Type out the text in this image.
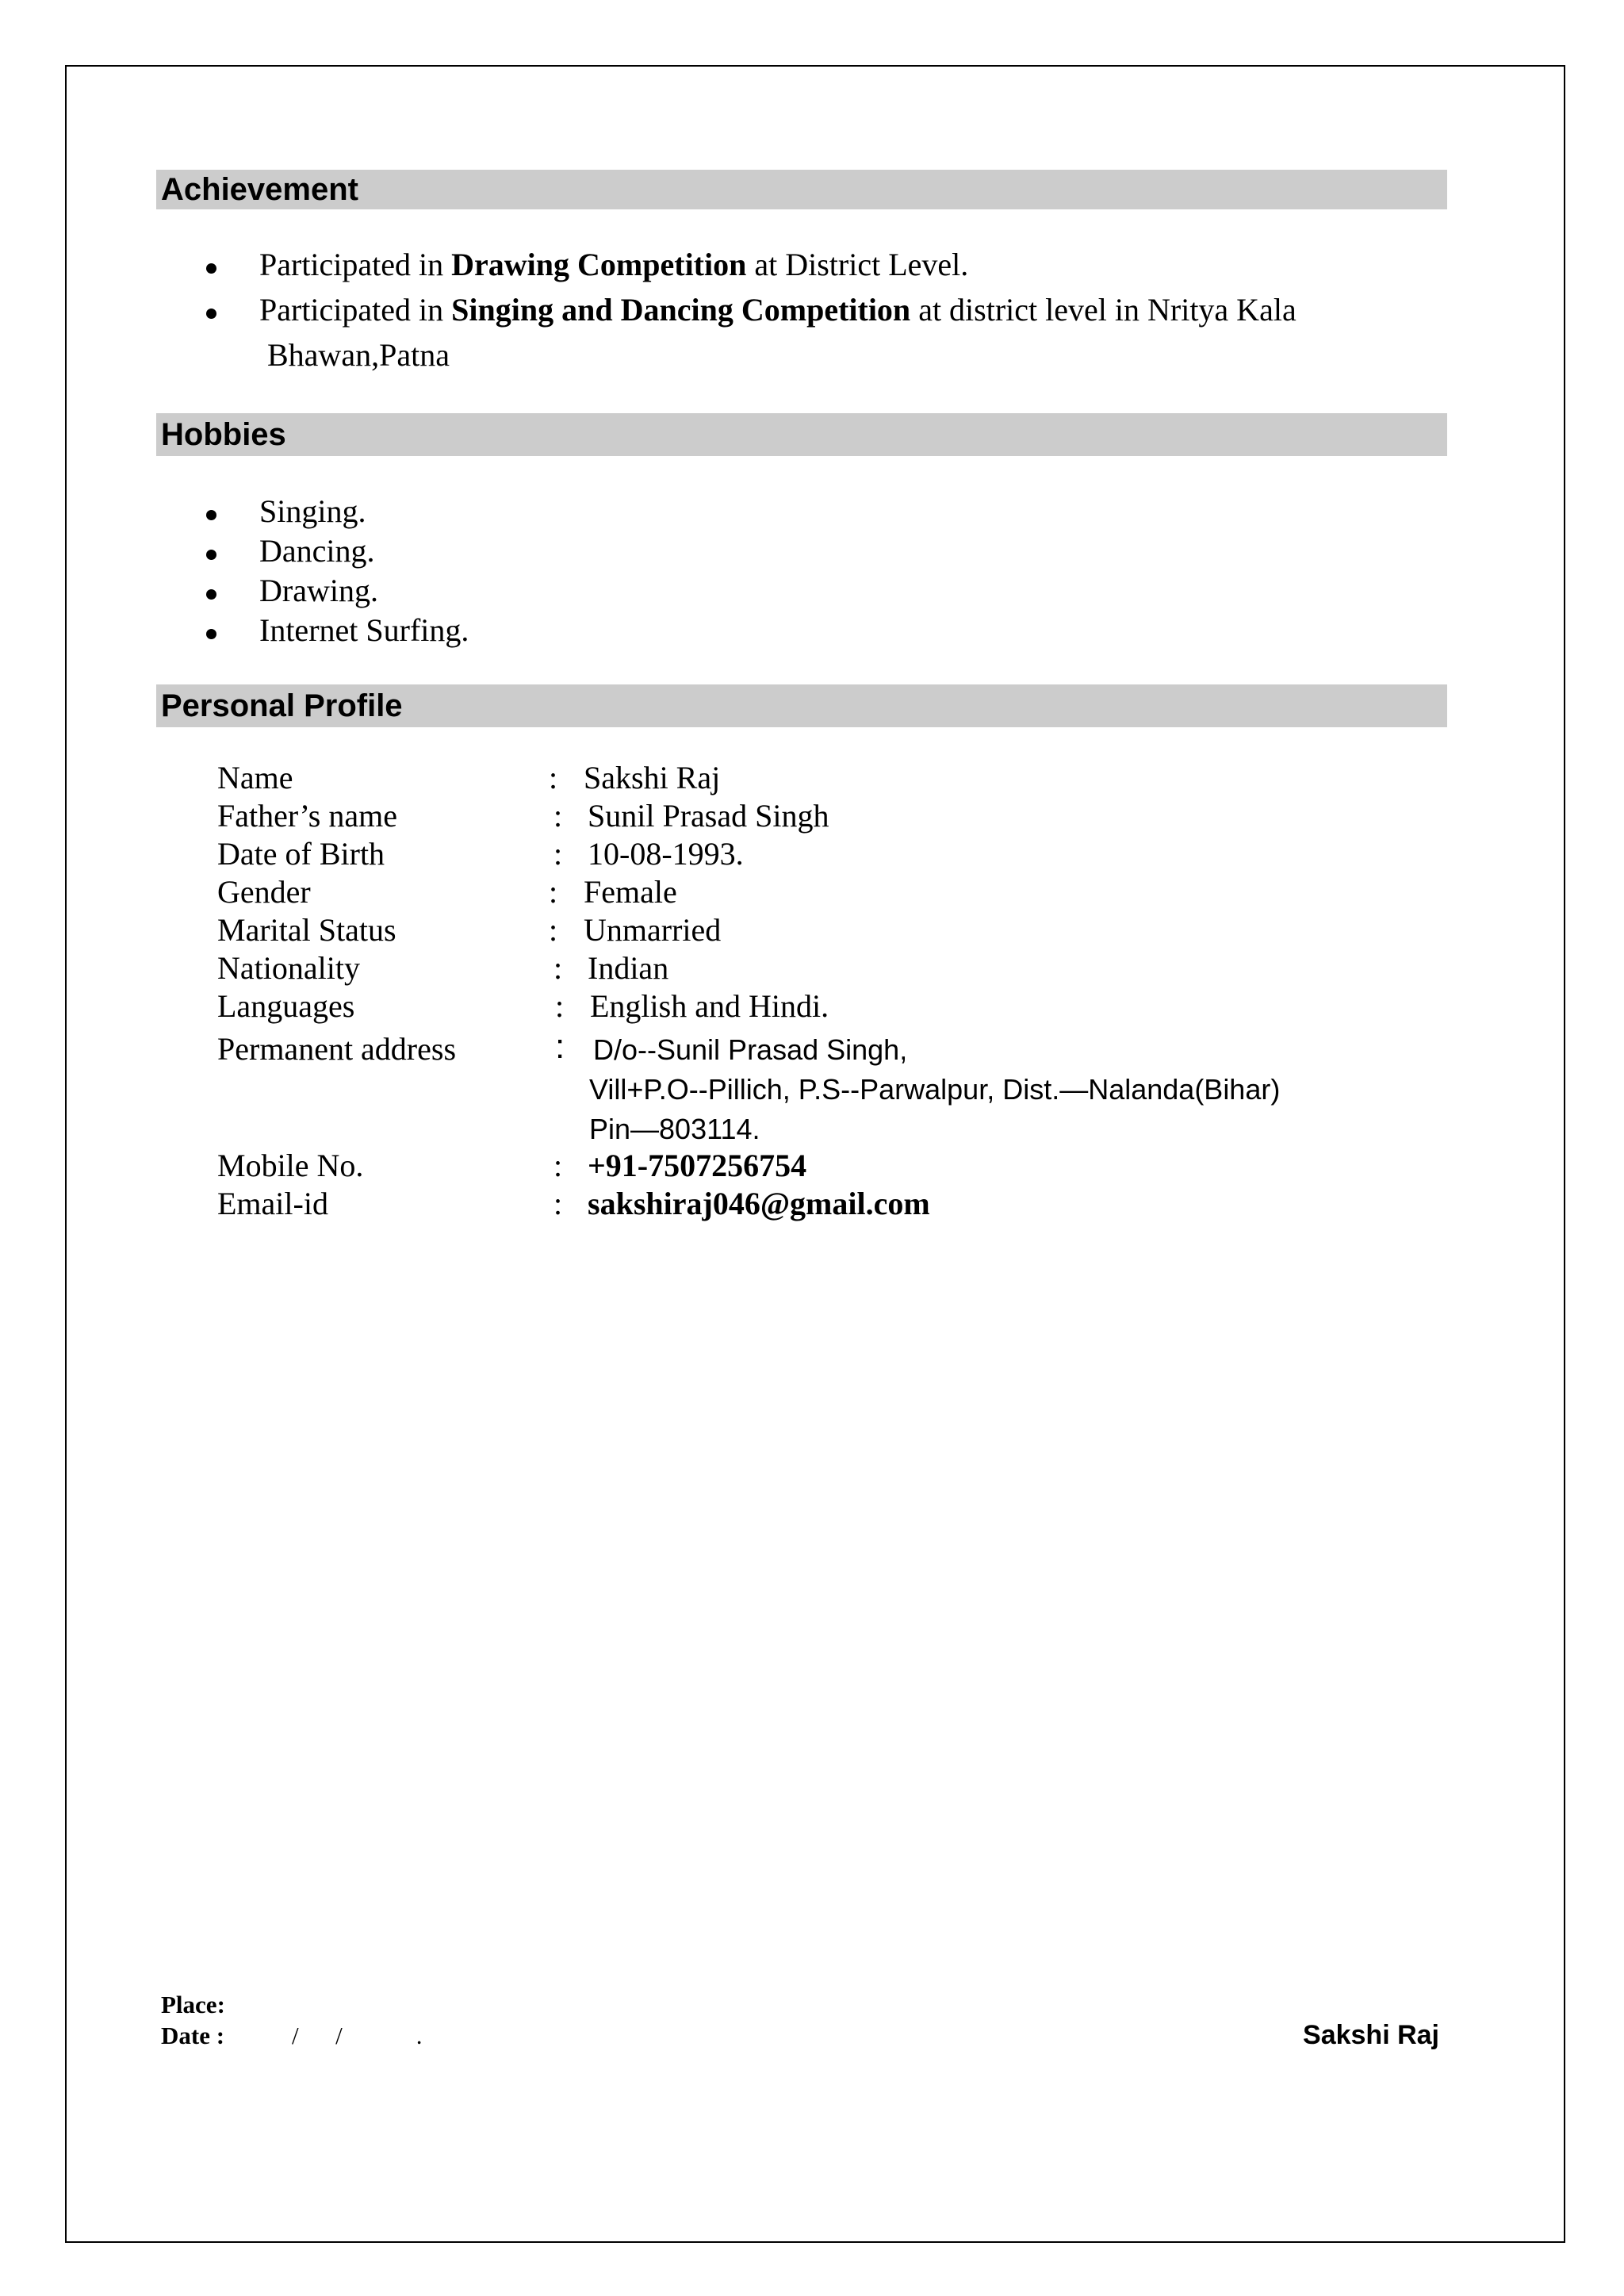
Achievement
Participated in Drawing Competition at District Level.
Participated in Singing and Dancing Competition at district level in Nritya Kala
Bhawan,Patna
Hobbies
Singing.
Dancing.
Drawing.
Internet Surfing.
Personal Profile
Name	: Sakshi Raj
Father’s name	: Sunil Prasad Singh
Date of Birth	: 10-08-1993.
Gender	: Female
Marital Status	: Unmarried
Nationality	: Indian
Languages	: English and Hindi.
Permanent address	: D/o--Sunil Prasad Singh,
Vill+P.O--Pillich, P.S--Parwalpur, Dist.—Nalanda(Bihar)
Pin—803114.
Mobile No.	: +91-7507256754
Email-id	: sakshiraj046@gmail.com
Place:
Date :	/      /            .	Sakshi Raj
